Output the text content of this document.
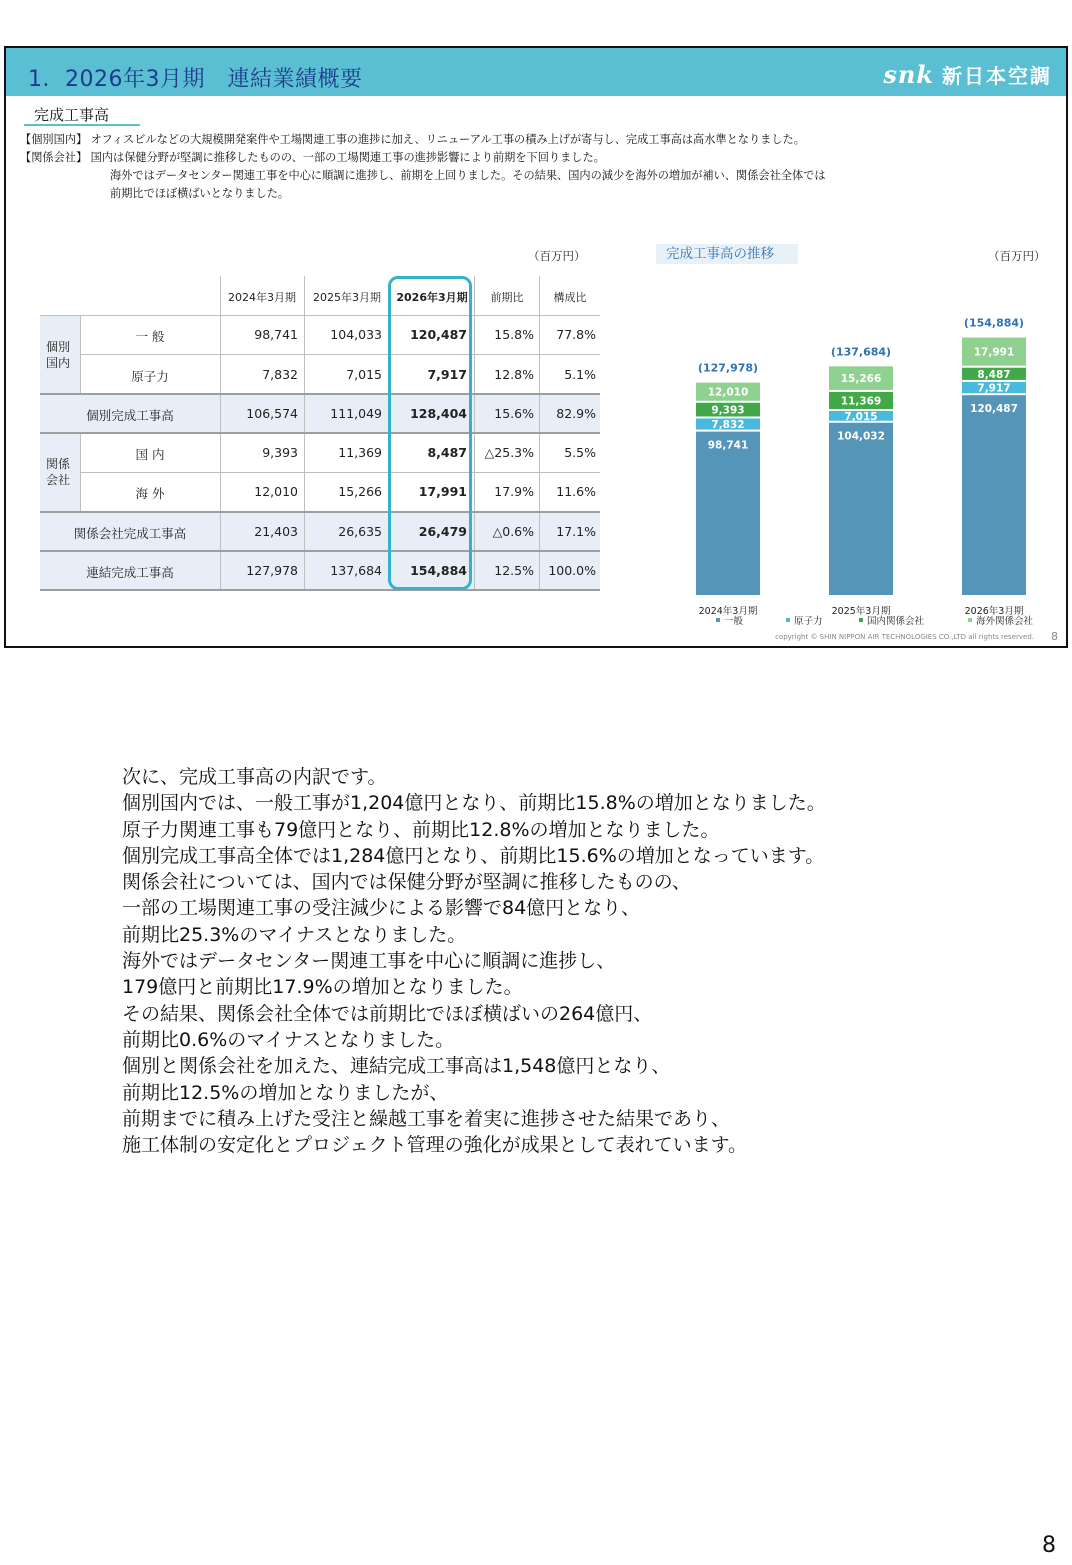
1．2026年3月期　連結業績概要	snk 新日本空調
完成工事高
【個別国内】 オフィスビルなどの大規模開発案件や工場関連工事の進捗に加え、リニューアル工事の積み上げが寄与し、完成工事高は高水準となりました。
【関係会社】 国内は保健分野が堅調に推移したものの、一部の工場関連工事の進捗影響により前期を下回りました。
海外ではデータセンター関連工事を中心に順調に進捗し、前期を上回りました。その結果、国内の減少を海外の増加が補い、関係会社全体では
前期比でほぼ横ばいとなりました。
（百万円）
2024年3月期	2025年3月期	2026年3月期	前期比	構成比
個別
国内
関係
会社
一 般	98,741	104,033	120,487	15.8%	77.8%
原子力	7,832	7,015	7,917	12.8%	5.1%
個別完成工事高	106,574	111,049	128,404	15.6%	82.9%
国 内	9,393	11,369	8,487	△25.3%	5.5%
海 外	12,010	15,266	17,991	17.9%	11.6%
関係会社完成工事高	21,403	26,635	26,479	△0.6%	17.1%
連結完成工事高	127,978	137,684	154,884	12.5%	100.0%
完成工事高の推移	（百万円）
98,741
7,832
9,393
12,010
(127,978)
2024年3月期
104,032
7,015
11,369
15,266
(137,684)
2025年3月期
120,487
7,917
8,487
17,991
(154,884)
2026年3月期
一般	原子力	国内関係会社	海外関係会社
copyright © SHIN NIPPON AIR TECHNOLOGIES CO.,LTD all rights reserved. 8
次に、完成工事高の内訳です。
個別国内では、一般工事が1,204億円となり、前期比15.8%の増加となりました。
原子力関連工事も79億円となり、前期比12.8%の増加となりました。
個別完成工事高全体では1,284億円となり、前期比15.6%の増加となっています。
関係会社については、国内では保健分野が堅調に推移したものの、
一部の工場関連工事の受注減少による影響で84億円となり、
前期比25.3%のマイナスとなりました。
海外ではデータセンター関連工事を中心に順調に進捗し、
179億円と前期比17.9%の増加となりました。
その結果、関係会社全体では前期比でほぼ横ばいの264億円、
前期比0.6%のマイナスとなりました。
個別と関係会社を加えた、連結完成工事高は1,548億円となり、
前期比12.5%の増加となりましたが、
前期までに積み上げた受注と繰越工事を着実に進捗させた結果であり、
施工体制の安定化とプロジェクト管理の強化が成果として表れています。
8
